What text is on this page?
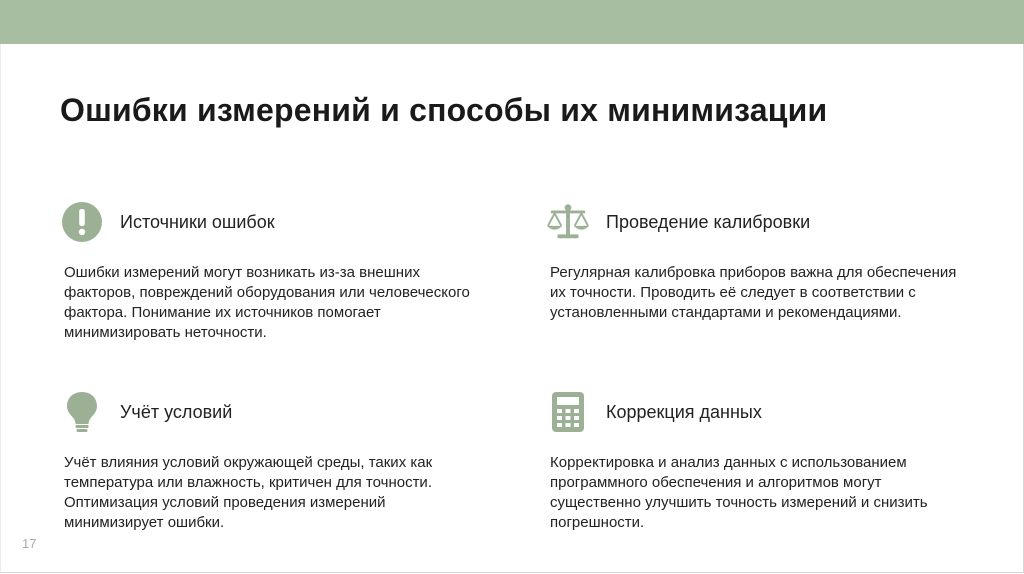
Ошибки измерений и способы их минимизации
Источники ошибок
Ошибки измерений могут возникать из-за внешних факторов, повреждений оборудования или человеческого фактора. Понимание их источников помогает минимизировать неточности.
Проведение калибровки
Регулярная калибровка приборов важна для обеспечения их точности. Проводить её следует в соответствии с установленными стандартами и рекомендациями.
Учёт условий
Учёт влияния условий окружающей среды, таких как температура или влажность, критичен для точности. Оптимизация условий проведения измерений минимизирует ошибки.
Коррекция данных
Корректировка и анализ данных с использованием программного обеспечения и алгоритмов могут существенно улучшить точность измерений и снизить погрешности.
17
